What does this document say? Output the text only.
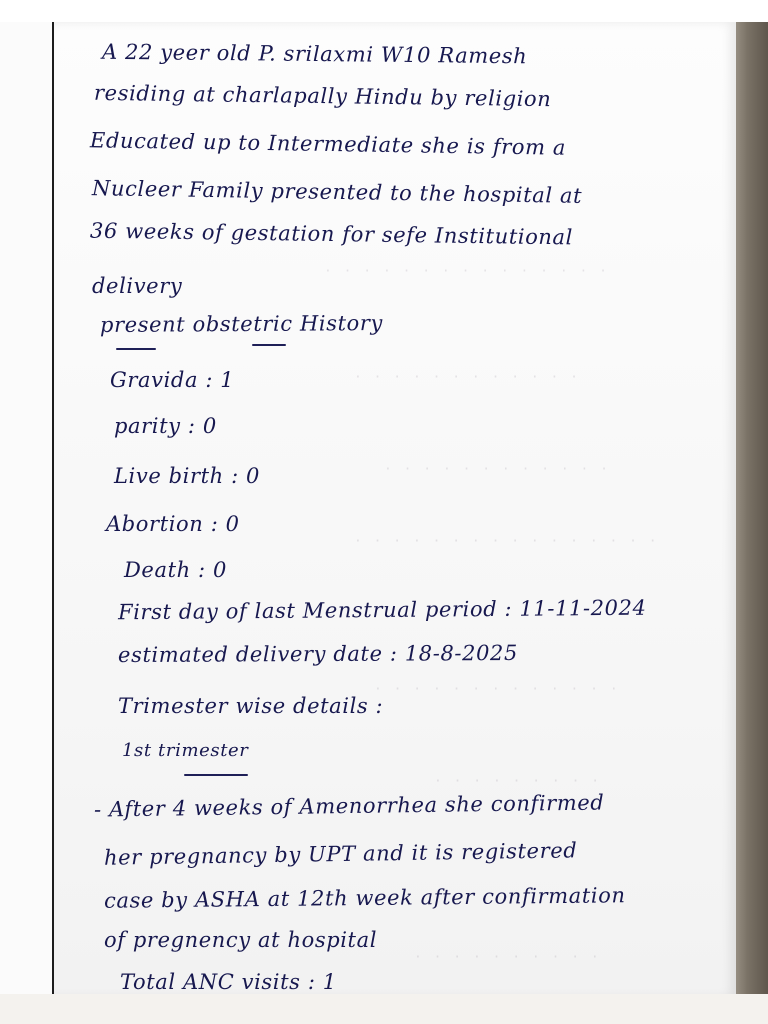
· · · · · · · · · · · · · · ·
· · · · · · · · · · · ·
· · · · · · · · · · · ·
· · · · · · · · · · · · · · · ·
· · · · · · · · · · · · ·
· · · · · · · · ·
· · · · · · · · · ·
A 22 yeer old P. srilaxmi W10 Ramesh
residing at charlapally Hindu by religion
Educated up to Intermediate she is from a
Nucleer Family presented to the hospital at
36 weeks of gestation for sefe Institutional
delivery
present obstetric History
Gravida : 1
parity : 0
Live birth : 0
Abortion : 0
Death : 0
First day of last Menstrual period : 11-11-2024
estimated delivery date : 18-8-2025
Trimester wise details :
1st trimester
- After 4 weeks of Amenorrhea she confirmed
her pregnancy by UPT and it is registered
case by ASHA at 12th week after confirmation
of pregnency at hospital
Total ANC visits : 1
